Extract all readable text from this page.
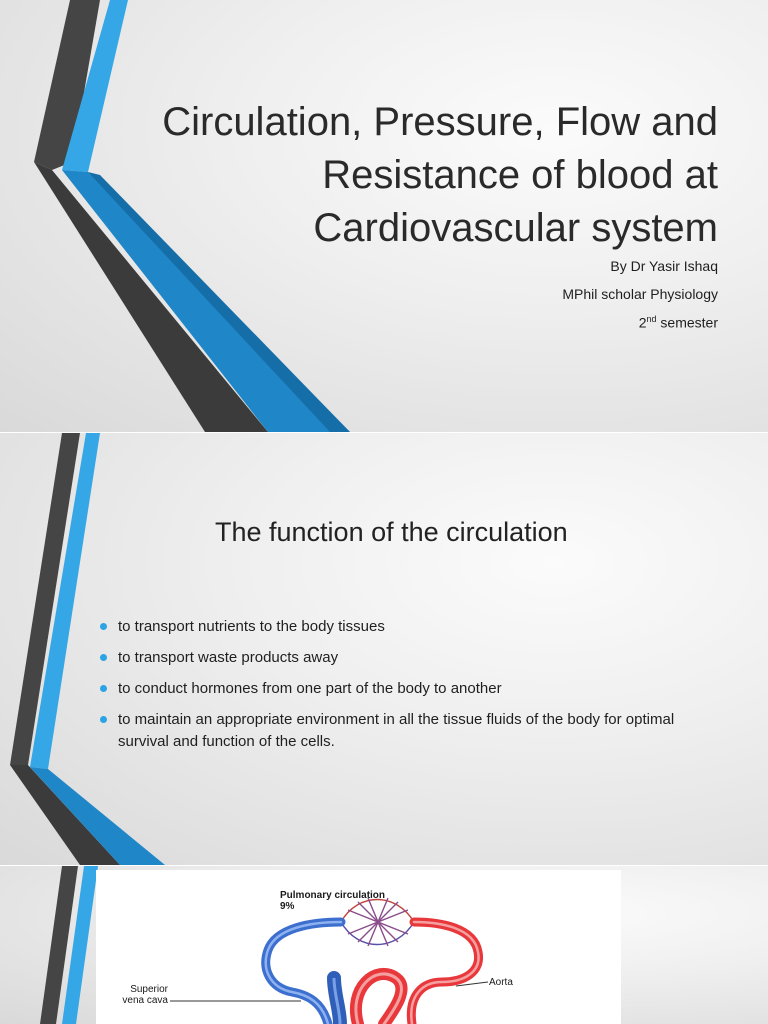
Circulation, Pressure, Flow and Resistance of blood at Cardiovascular system
By Dr Yasir Ishaq
MPhil scholar Physiology
2nd semester
The function of the circulation
to transport nutrients to the body tissues
to transport waste products away
to conduct hormones from one part of the body to another
to maintain an appropriate environment in all the tissue fluids of the body for optimal survival and function of the cells.
Pulmonary circulation
9%
Aorta
Superior
vena cava
